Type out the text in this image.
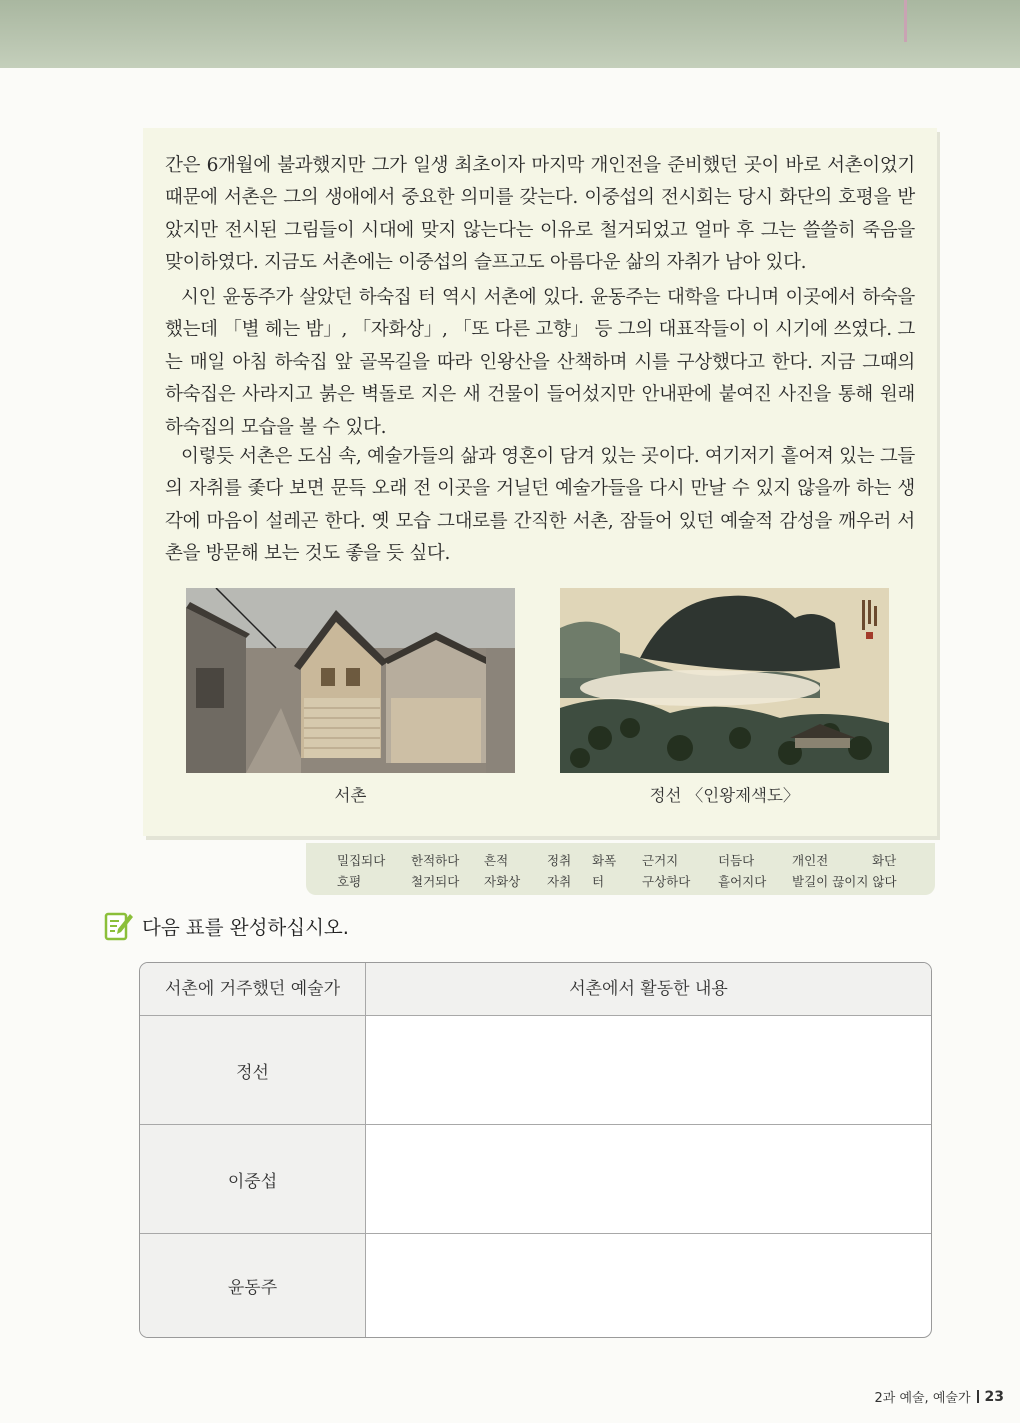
간은 6개월에 불과했지만 그가 일생 최초이자 마지막 개인전을 준비했던 곳이 바로 서촌이었기 때문에 서촌은 그의 생애에서 중요한 의미를 갖는다. 이중섭의 전시회는 당시 화단의 호평을 받았지만 전시된 그림들이 시대에 맞지 않는다는 이유로 철거되었고 얼마 후 그는 쓸쓸히 죽음을 맞이하였다. 지금도 서촌에는 이중섭의 슬프고도 아름다운 삶의 자취가 남아 있다.

시인 윤동주가 살았던 하숙집 터 역시 서촌에 있다. 윤동주는 대학을 다니며 이곳에서 하숙을 했는데 「별 헤는 밤」, 「자화상」, 「또 다른 고향」 등 그의 대표작들이 이 시기에 쓰였다. 그는 매일 아침 하숙집 앞 골목길을 따라 인왕산을 산책하며 시를 구상했다고 한다. 지금 그때의 하숙집은 사라지고 붉은 벽돌로 지은 새 건물이 들어섰지만 안내판에 붙여진 사진을 통해 원래 하숙집의 모습을 볼 수 있다.

이렇듯 서촌은 도심 속, 예술가들의 삶과 영혼이 담겨 있는 곳이다. 여기저기 흩어져 있는 그들의 자취를 좇다 보면 문득 오래 전 이곳을 거닐던 예술가들을 다시 만날 수 있지 않을까 하는 생각에 마음이 설레곤 한다. 옛 모습 그대로를 간직한 서촌, 잠들어 있던 예술적 감성을 깨우러 서촌을 방문해 보는 것도 좋을 듯 싶다.

서촌	정선 〈인왕제색도〉
밀집되다 한적하다 흔적	정취 화폭 근거지	더듬다	개인전	화단
호평	철거되다 자화상 자취 터	구상하다 흩어지다 발길이 끊이지 않다
다음 표를 완성하십시오.
서촌에 거주했던 예술가	서촌에서 활동한 내용
정선
이중섭
윤동주
2과 예술, 예술가 23
